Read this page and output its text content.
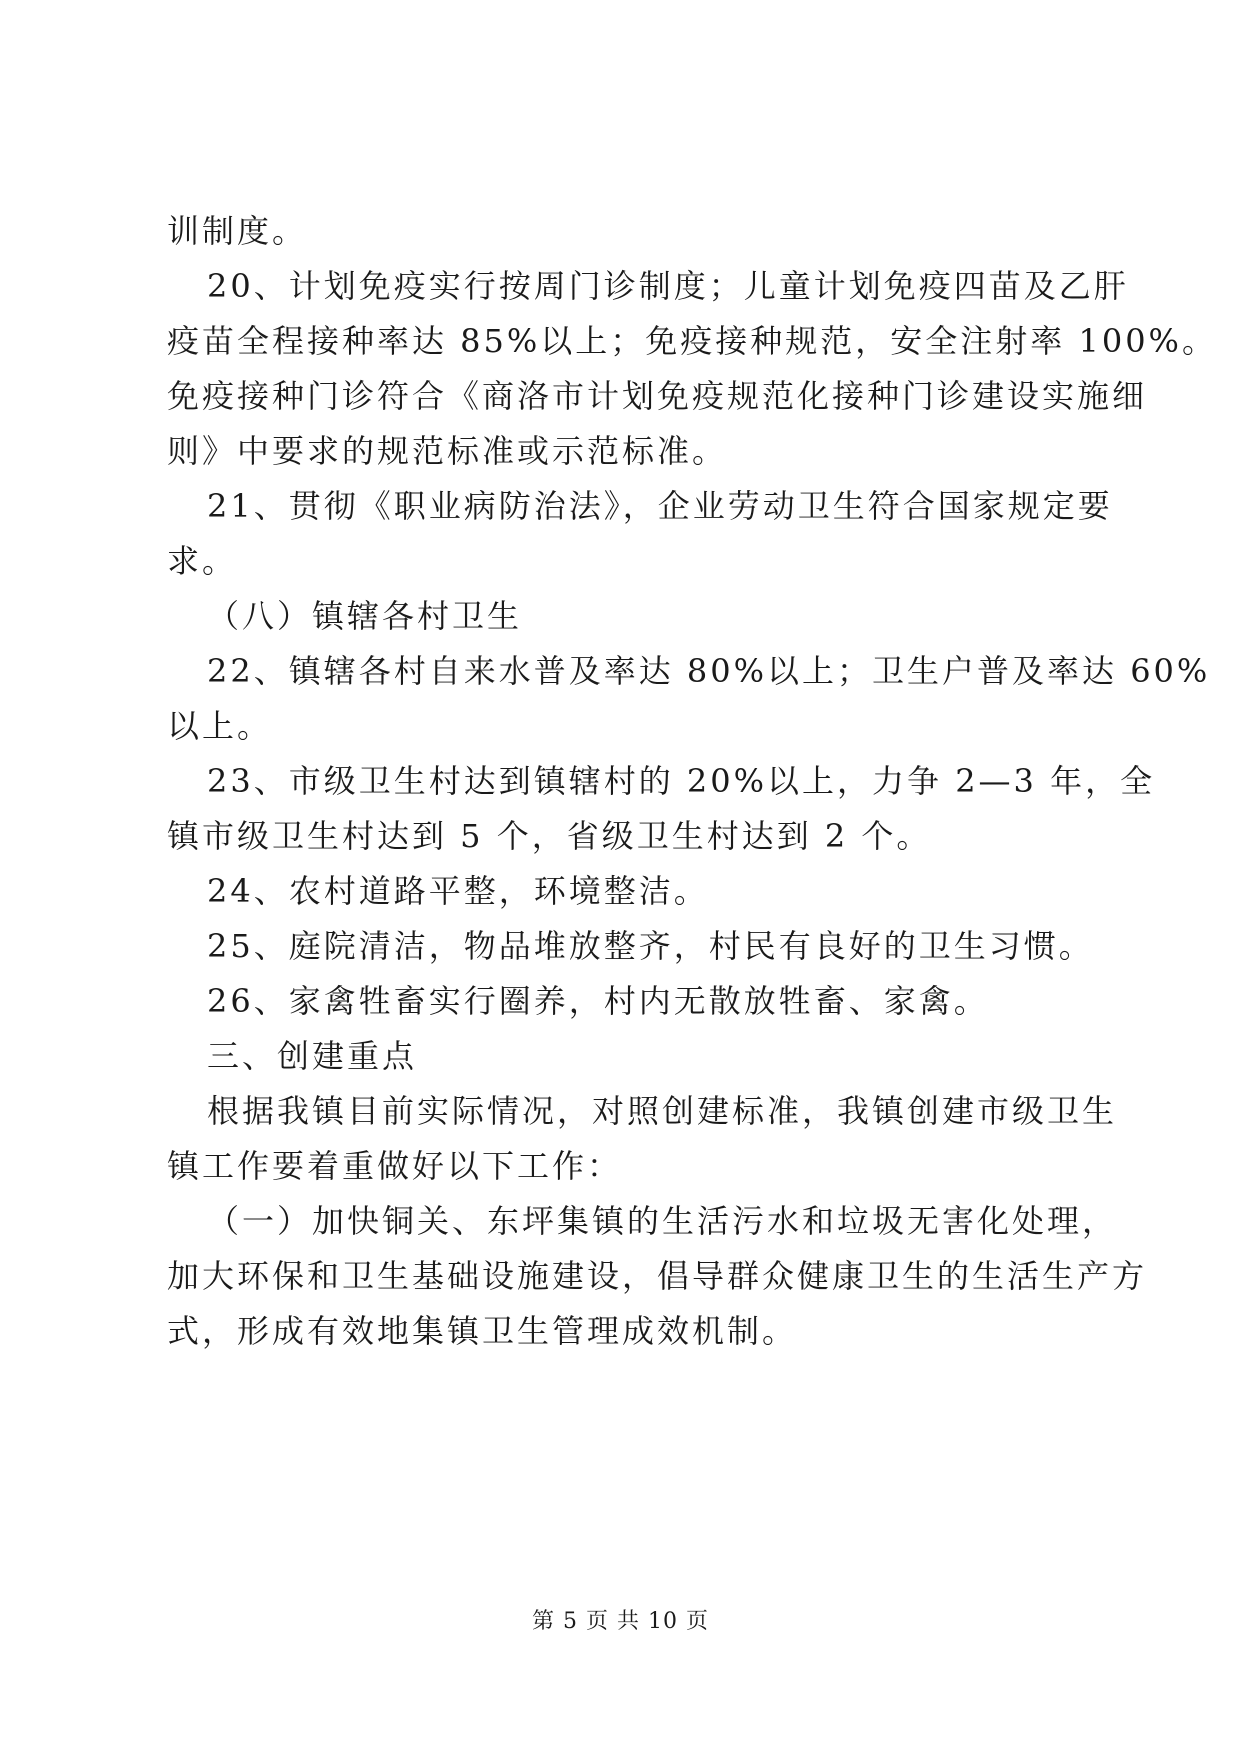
训制度。
20、计划免疫实行按周门诊制度；儿童计划免疫四苗及乙肝
疫苗全程接种率达 85%以上；免疫接种规范，安全注射率 100%。
免疫接种门诊符合《商洛市计划免疫规范化接种门诊建设实施细
则》中要求的规范标准或示范标准。
21、贯彻《职业病防治法》，企业劳动卫生符合国家规定要
求。
（八）镇辖各村卫生
22、镇辖各村自来水普及率达 80%以上；卫生户普及率达 60%
以上。
23、市级卫生村达到镇辖村的 20%以上，力争 2—3 年，全
镇市级卫生村达到 5 个，省级卫生村达到 2 个。
24、农村道路平整，环境整洁。
25、庭院清洁，物品堆放整齐，村民有良好的卫生习惯。
26、家禽牲畜实行圈养，村内无散放牲畜、家禽。
三、创建重点
根据我镇目前实际情况，对照创建标准，我镇创建市级卫生
镇工作要着重做好以下工作：
（一）加快铜关、东坪集镇的生活污水和垃圾无害化处理，
加大环保和卫生基础设施建设，倡导群众健康卫生的生活生产方
式，形成有效地集镇卫生管理成效机制。
第 5 页 共 10 页
